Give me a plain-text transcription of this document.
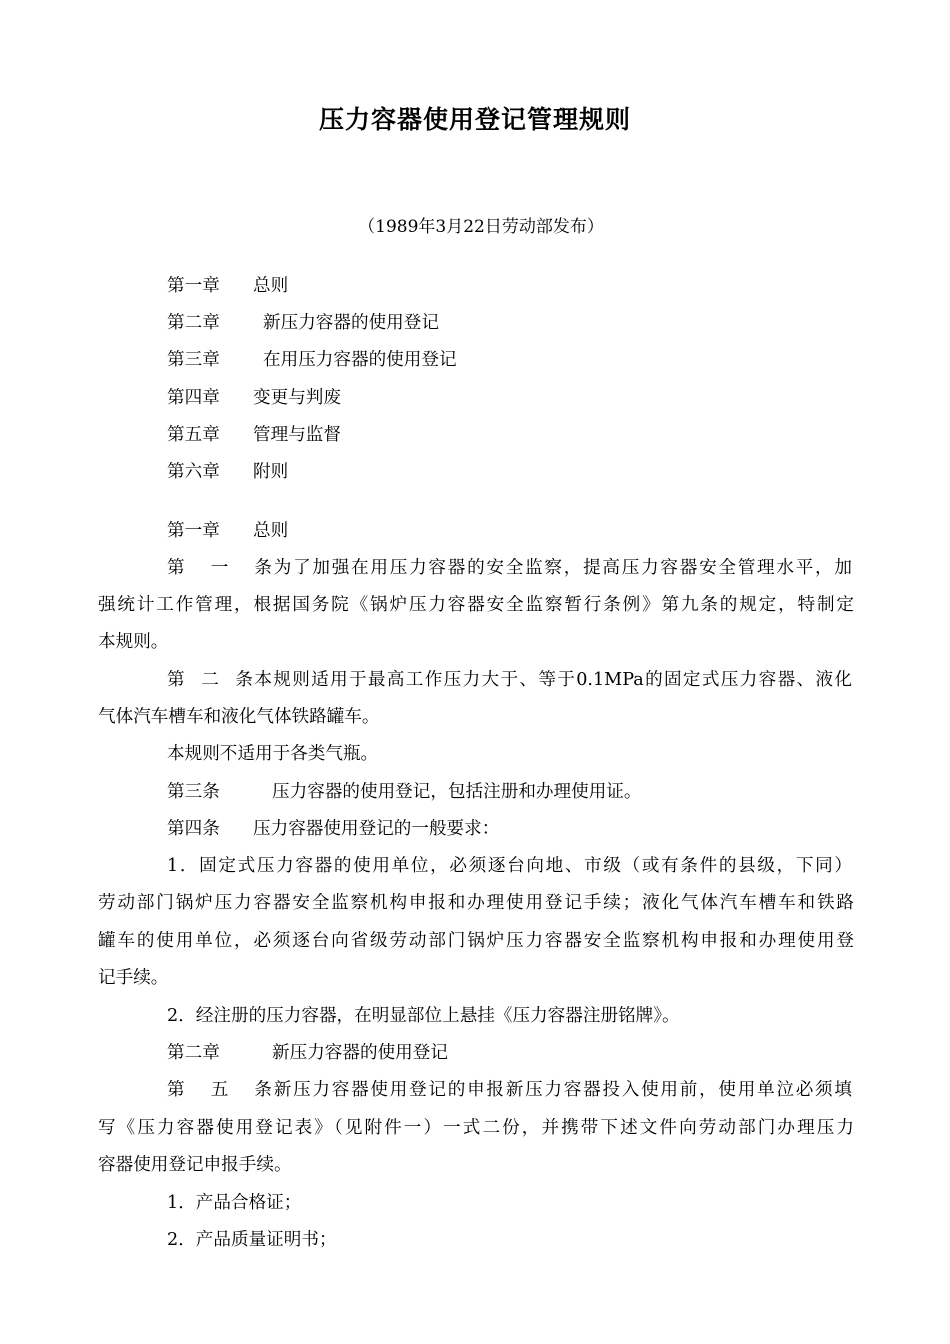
压力容器使用登记管理规则
（1989年3月22日劳动部发布）
第一章 总则
第二章 新压力容器的使用登记
第三章 在用压力容器的使用登记
第四章 变更与判废
第五章 管理与监督
第六章 附则
第一章 总则
第一条为了加强在用压力容器的安全监察，提高压力容器安全管理水平，加
强统计工作管理，根据国务院《锅炉压力容器安全监察暂行条例》第九条的规定，特制定
本规则。
第二条本规则适用于最高工作压力大于、等于0.1MPa的固定式压力容器、液化
气体汽车槽车和液化气体铁路罐车。
本规则不适用于各类气瓶。
第三条	压力容器的使用登记，包括注册和办理使用证。
第四条 压力容器使用登记的一般要求：
1．固定式压力容器的使用单位，必须逐台向地、市级（或有条件的县级，下同）
劳动部门锅炉压力容器安全监察机构申报和办理使用登记手续；液化气体汽车槽车和铁路
罐车的使用单位，必须逐台向省级劳动部门锅炉压力容器安全监察机构申报和办理使用登
记手续。
2．经注册的压力容器，在明显部位上悬挂《压力容器注册铭牌》。
第二章	新压力容器的使用登记
第五条新压力容器使用登记的申报新压力容器投入使用前，使用单泣必须填
写《压力容器使用登记表》（见附件一）一式二份，并携带下述文件向劳动部门办理压力
容器使用登记申报手续。
1．产品合格证；
2．产品质量证明书；
